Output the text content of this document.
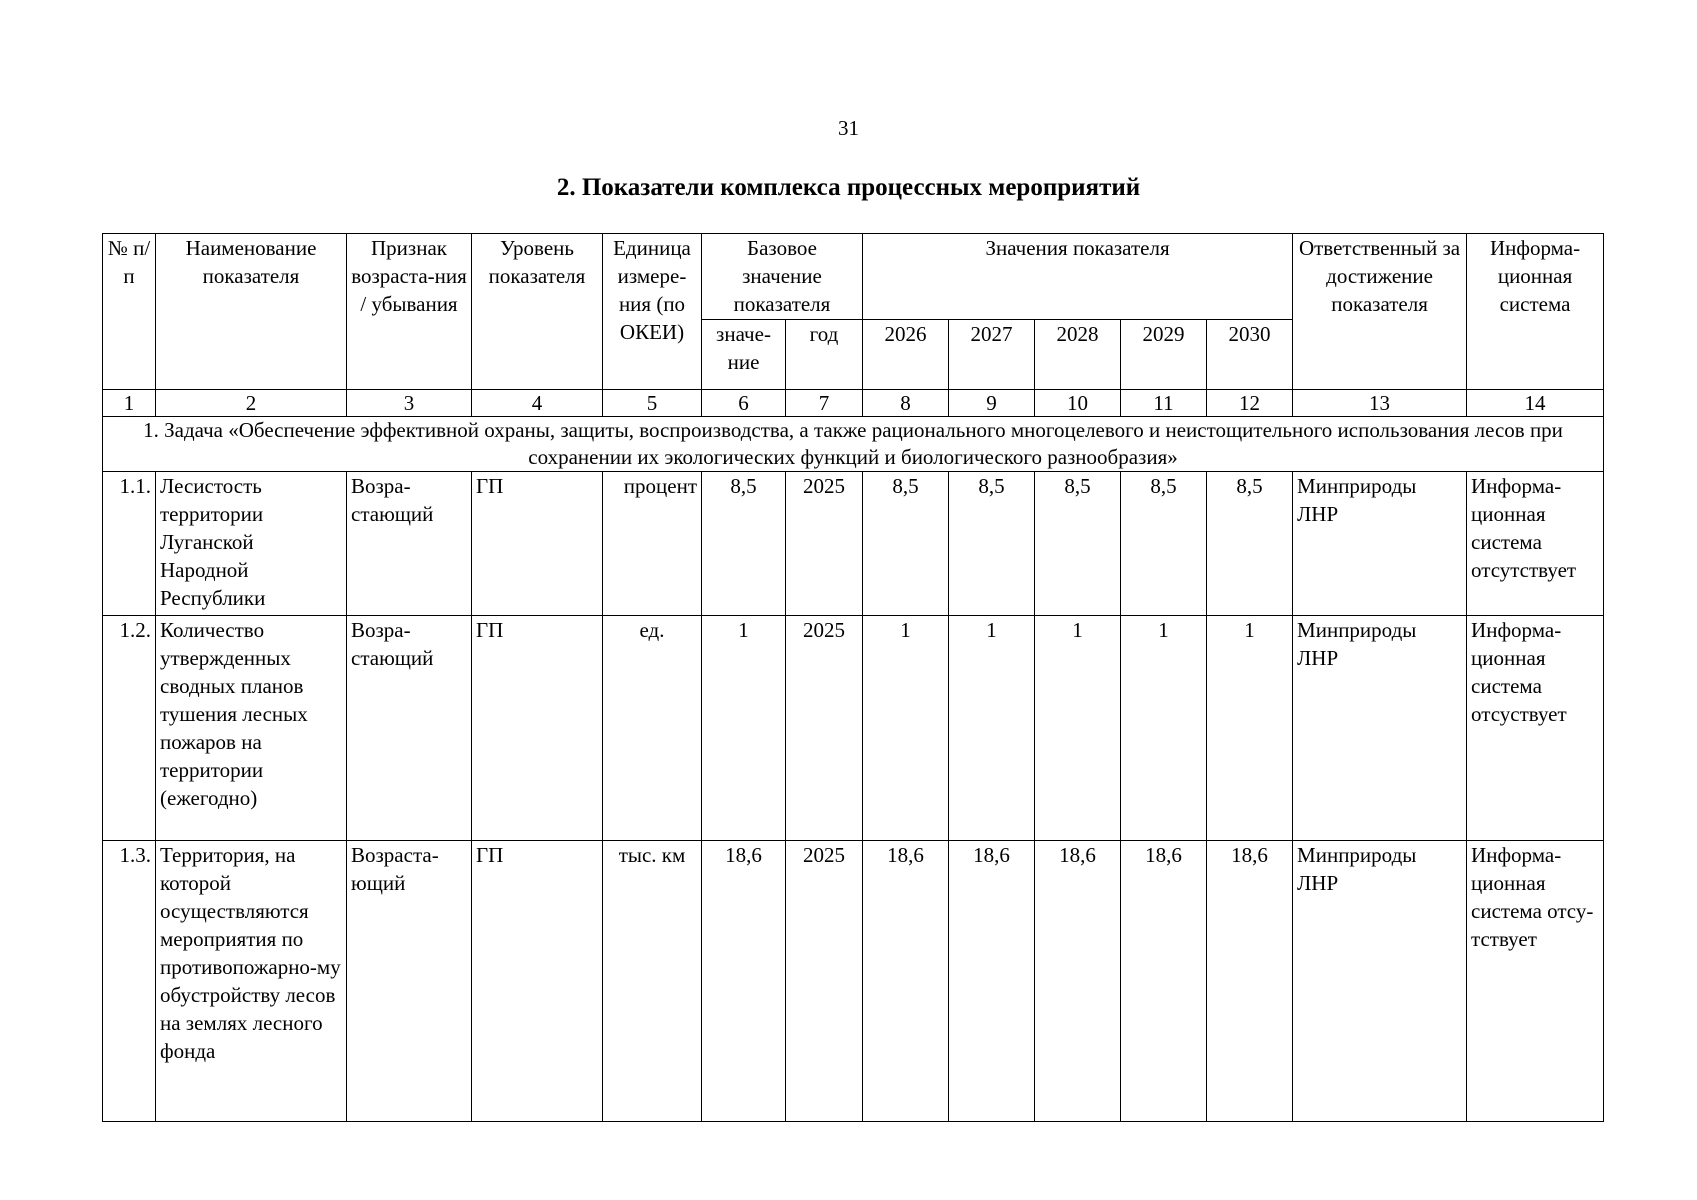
31
2. Показатели комплекса процессных мероприятий
№ п/п	Наименование показателя	Признак возраста-ния / убывания	Уровень показателя	Единица измере-ния (по ОКЕИ)	Базовое значение показателя		Значения показателя					Ответственный за достижение показателя	Информа-ционная система
					значе-ние	год	2026	2027	2028	2029	2030		
1	2	3	4	5	6	7	8	9	10	11	12	13	14
1. Задача «Обеспечение эффективной охраны, защиты, воспроизводства, а также рационального многоцелевого и неистощительного использования лесов при сохранении их экологических функций и биологического разнообразия»													
1.1.	Лесистость территории Луганской Народной Республики	Возра-стающий	ГП	процент	8,5	2025	8,5	8,5	8,5	8,5	8,5	Минприроды ЛНР	Информа-ционная система отсутствует
1.2.	Количество утвержденных сводных планов тушения лесных пожаров на территории (ежегодно)	Возра-стающий	ГП	ед.	1	2025	1	1	1	1	1	Минприроды ЛНР	Информа-ционная система отсуствует
1.3.	Территория, на которой осуществляются мероприятия по противопожарно-му обустройству лесов на землях лесного фонда	Возраста-ющий	ГП	тыс. км	18,6	2025	18,6	18,6	18,6	18,6	18,6	Минприроды ЛНР	Информа-ционная система отсу-тствует
